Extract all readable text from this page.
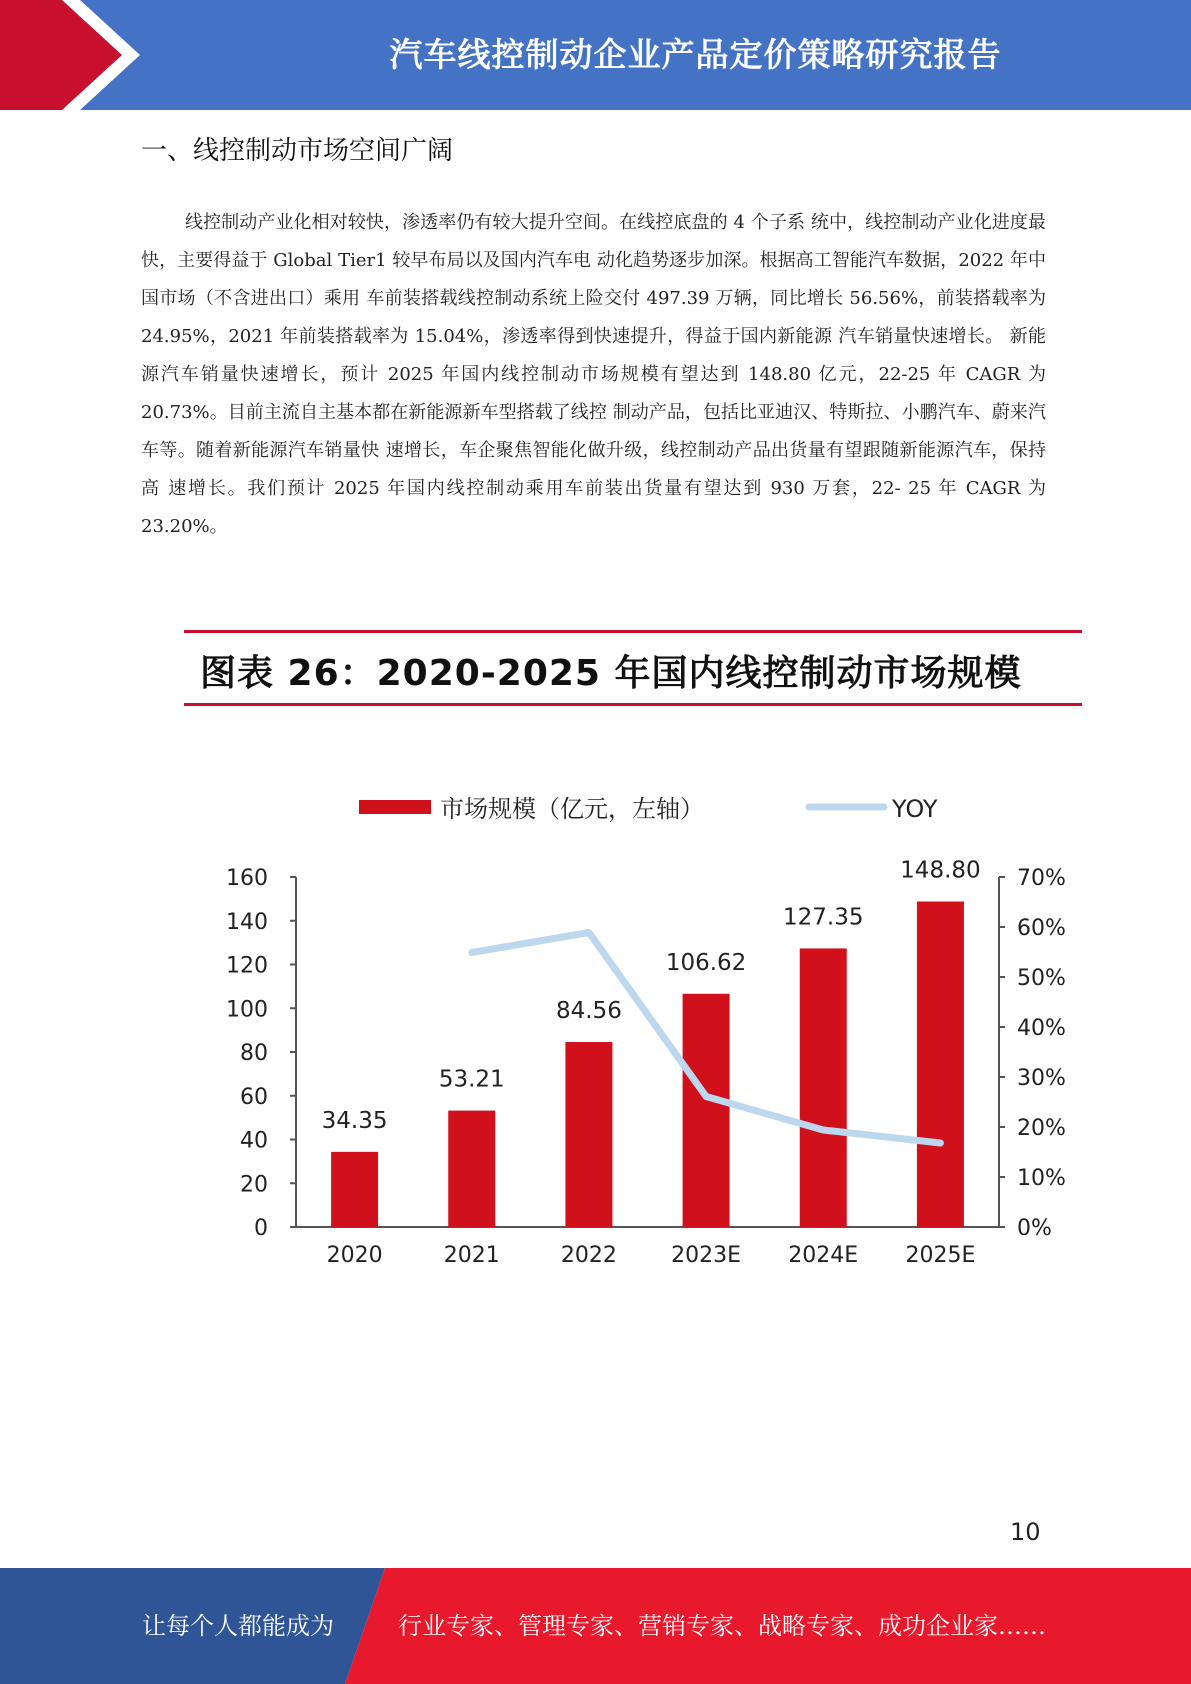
汽车线控制动企业产品定价策略研究报告
一、线控制动市场空间广阔

线控制动产业化相对较快，渗透率仍有较大提升空间。在线控底盘的 4 个子系 统中，线控制动产业化进度最快，主要得益于 Global Tier1 较早布局以及国内汽车电 动化趋势逐步加深。根据高工智能汽车数据，2022 年中国市场（不含进出口）乘用 车前装搭载线控制动系统上险交付 497.39 万辆，同比增长 56.56%，前装搭载率为 24.95%，2021 年前装搭载率为 15.04%，渗透率得到快速提升，得益于国内新能源 汽车销量快速增长。 新能源汽车销量快速增长，预计 2025 年国内线控制动市场规模有望达到 148.80 亿元，22-25 年 CAGR 为 20.73%。目前主流自主基本都在新能源新车型搭载了线控 制动产品，包括比亚迪汉、特斯拉、小鹏汽车、蔚来汽车等。随着新能源汽车销量快 速增长，车企聚焦智能化做升级，线控制动产品出货量有望跟随新能源汽车，保持高 速增长。我们预计 2025 年国内线控制动乘用车前装出货量有望达到 930 万套，22- 25 年 CAGR 为 23.20%。

图表 26：2020-2025 年国内线控制动市场规模
市场规模（亿元，左轴）	YOY
0
20
40
60
80
100
120
140
160
0%
10%
20%
30%
40%
50%
60%
70%
34.35
2020
53.21
2021
84.56
2022
106.62
2023E
127.35
2024E
148.80
2025E
10
让每个人都能成为	行业专家、管理专家、营销专家、战略专家、成功企业家……
